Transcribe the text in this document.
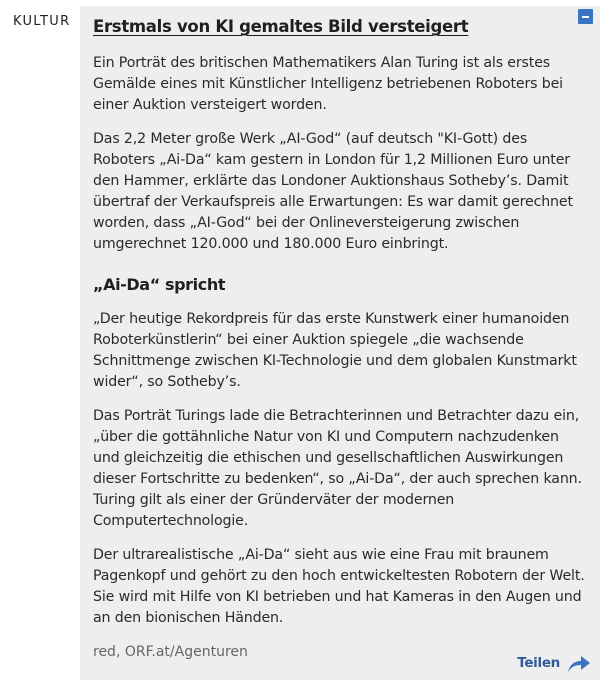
KULTUR Erstmals von KI gemaltes Bild versteigert

Ein Porträt des britischen Mathematikers Alan Turing ist als erstes Gemälde eines mit Künstlicher Intelligenz betriebenen Roboters bei einer Auktion versteigert worden.

Das 2,2 Meter große Werk „AI-God“ (auf deutsch "KI-Gott) des Roboters „Ai-Da“ kam gestern in London für 1,2 Millionen Euro unter den Hammer, erklärte das Londoner Auktionshaus Sotheby’s. Damit übertraf der Verkaufspreis alle Erwartungen: Es war damit gerechnet worden, dass „AI-God“ bei der Onlineversteigerung zwischen umgerechnet 120.000 und 180.000 Euro einbringt.

„Ai-Da“ spricht

„Der heutige Rekordpreis für das erste Kunstwerk einer humanoiden Roboterkünstlerin“ bei einer Auktion spiegele „die wachsende Schnittmenge zwischen KI-Technologie und dem globalen Kunstmarkt wider“, so Sotheby’s.

Das Porträt Turings lade die Betrachterinnen und Betrachter dazu ein, „über die gottähnliche Natur von KI und Computern nachzudenken und gleichzeitig die ethischen und gesellschaftlichen Auswirkungen dieser Fortschritte zu bedenken“, so „Ai-Da“, der auch sprechen kann. Turing gilt als einer der Gründerväter der modernen Computertechnologie.

Der ultrarealistische „Ai-Da“ sieht aus wie eine Frau mit braunem Pagenkopf und gehört zu den hoch entwickeltesten Robotern der Welt. Sie wird mit Hilfe von KI betrieben und hat Kameras in den Augen und an den bionischen Händen.

red, ORF.at/Agenturen

Teilen
